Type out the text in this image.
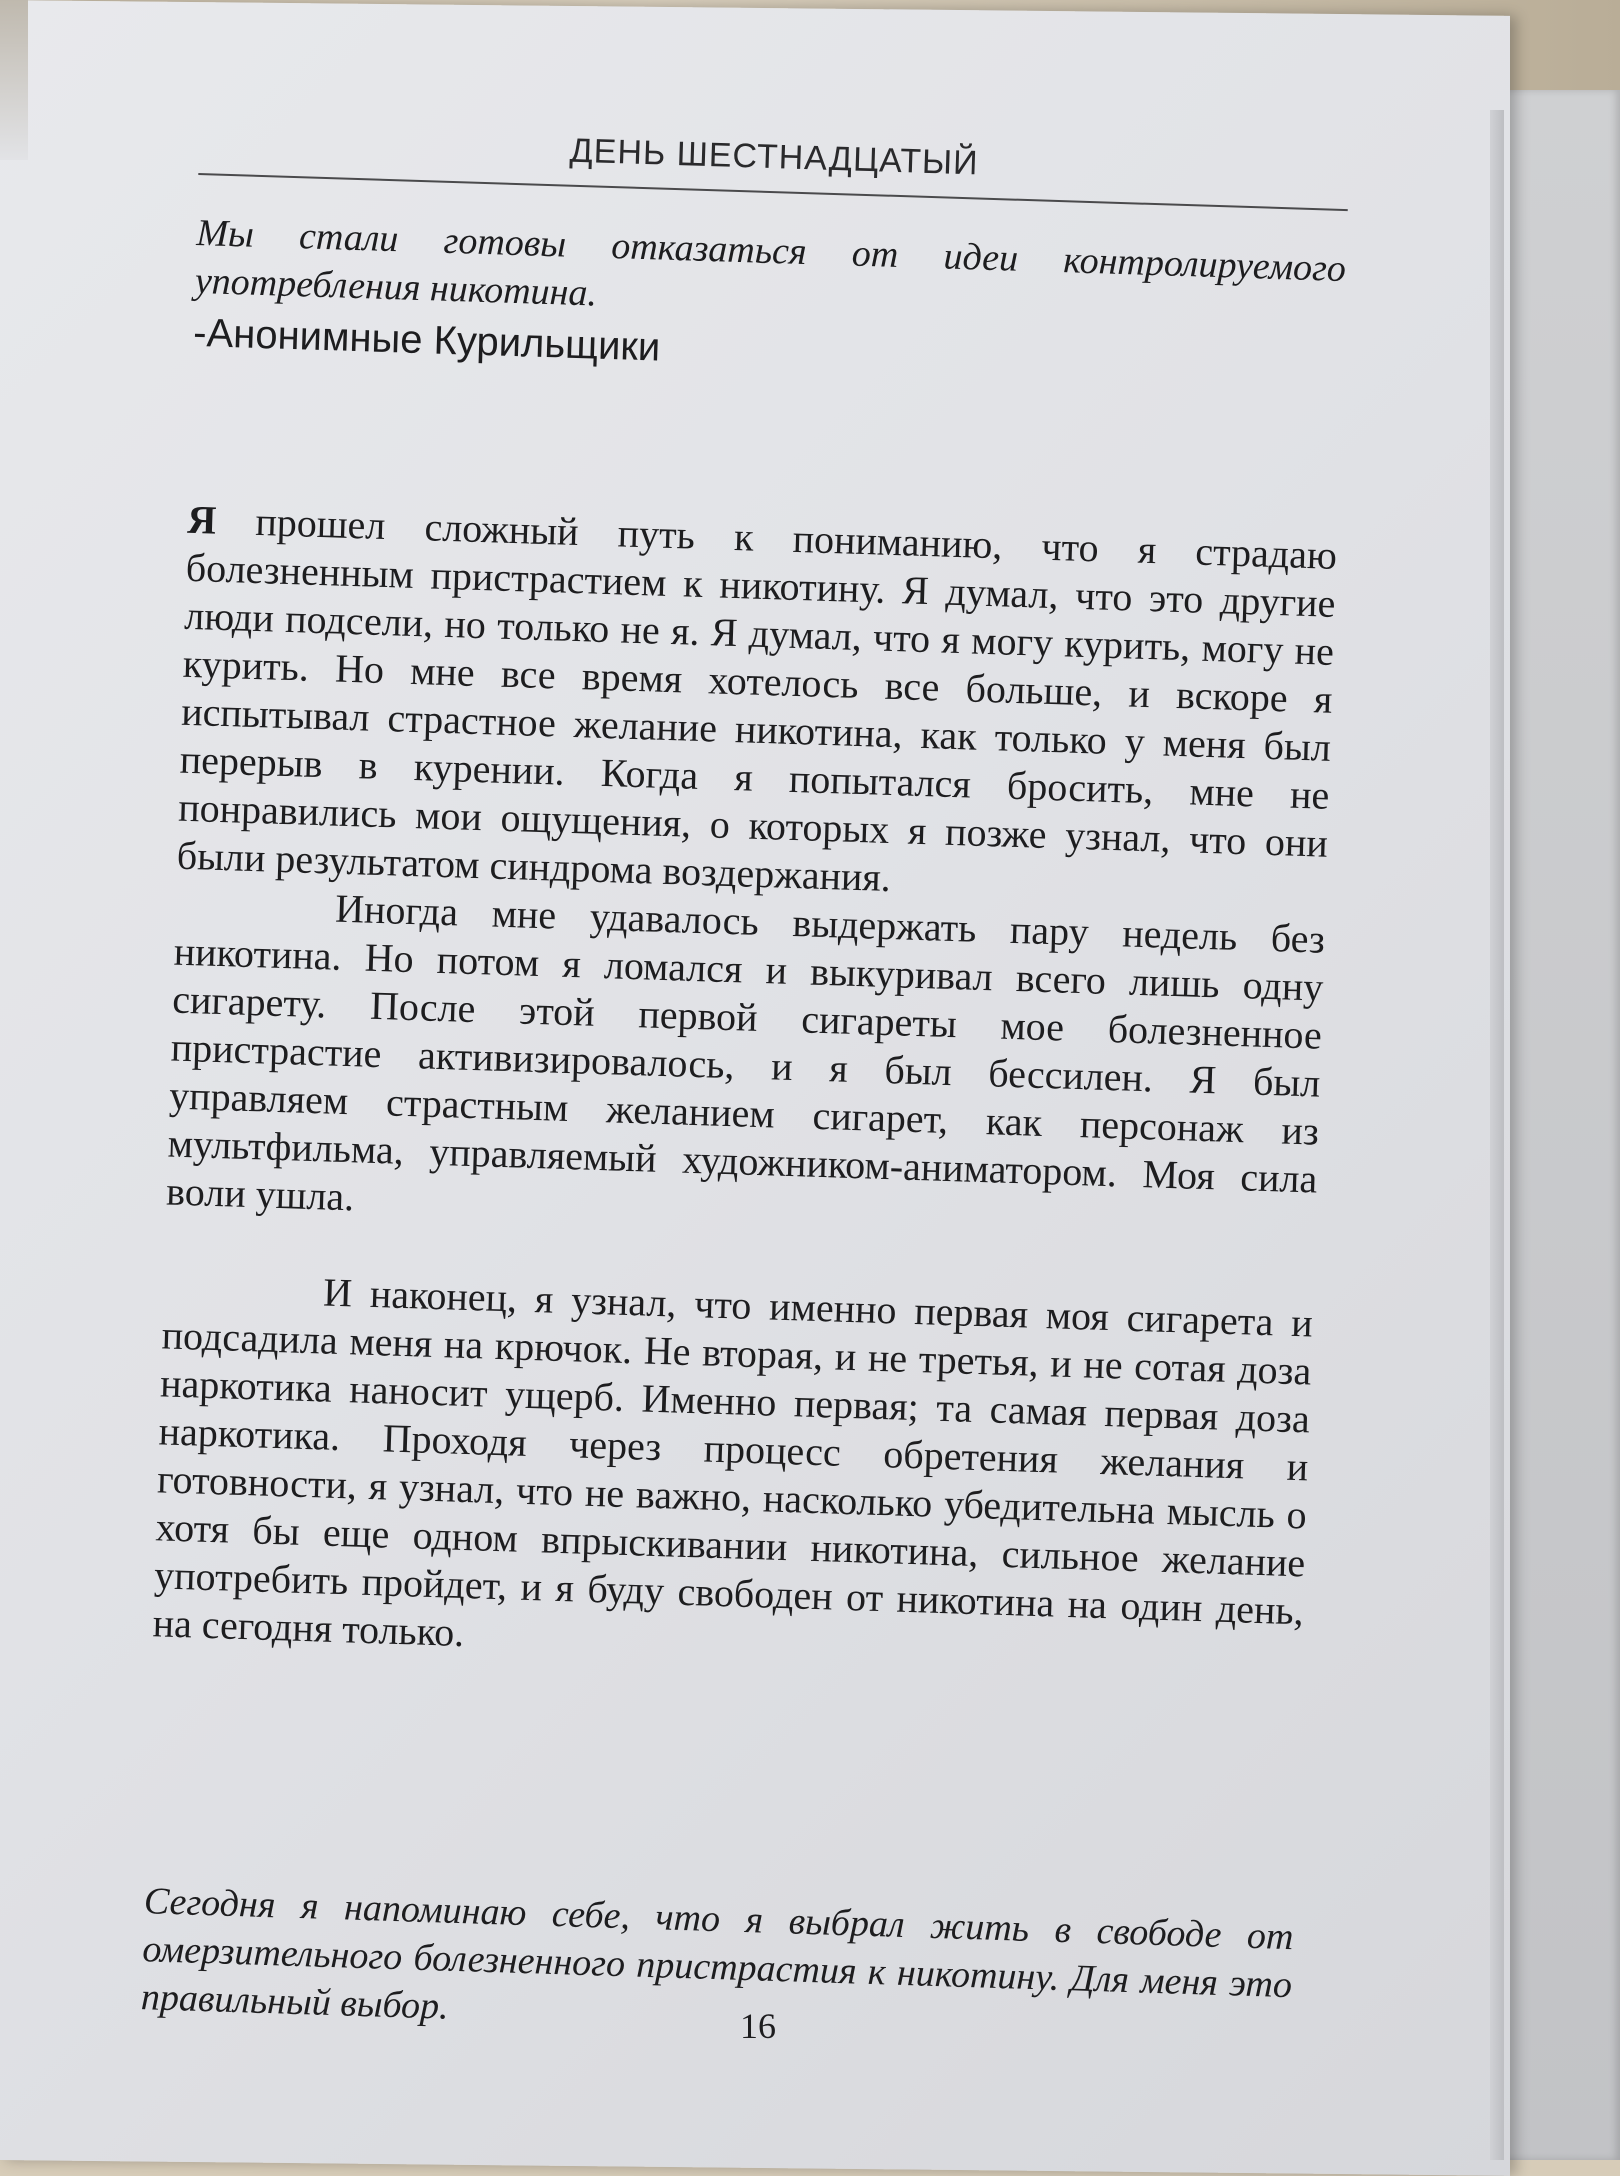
ДЕНЬ ШЕСТНАДЦАТЫЙ

Мы стали готовы отказаться от идеи контролируемого употребления никотина.

-Анонимные Курильщики

Я прошел сложный путь к пониманию, что я страдаю болезненным пристрастием к никотину. Я думал, что это другие люди подсели, но только не я. Я думал, что я могу курить, могу не курить. Но мне все время хотелось все больше, и вскоре я испытывал страстное желание никотина, как только у меня был перерыв в курении. Когда я попытался бросить, мне не понравились мои ощущения, о которых я позже узнал, что они были результатом синдрома воздержания.

Иногда мне удавалось выдержать пару недель без никотина. Но потом я ломался и выкуривал всего лишь одну сигарету. После этой первой сигареты мое болезненное пристрастие активизировалось, и я был бессилен. Я был управляем страстным желанием сигарет, как персонаж из мультфильма, управляемый художником-аниматором. Моя сила воли ушла.

И наконец, я узнал, что именно первая моя сигарета и подсадила меня на крючок. Не вторая, и не третья, и не сотая доза наркотика наносит ущерб. Именно первая; та самая первая доза наркотика. Проходя через процесс обретения желания и готовности, я узнал, что не важно, насколько убедительна мысль о хотя бы еще одном впрыскивании никотина, сильное желание употребить пройдет, и я буду свободен от никотина на один день, на сегодня только.

Сегодня я напоминаю себе, что я выбрал жить в свободе от омерзительного болезненного пристрастия к никотину. Для меня это правильный выбор.	16
